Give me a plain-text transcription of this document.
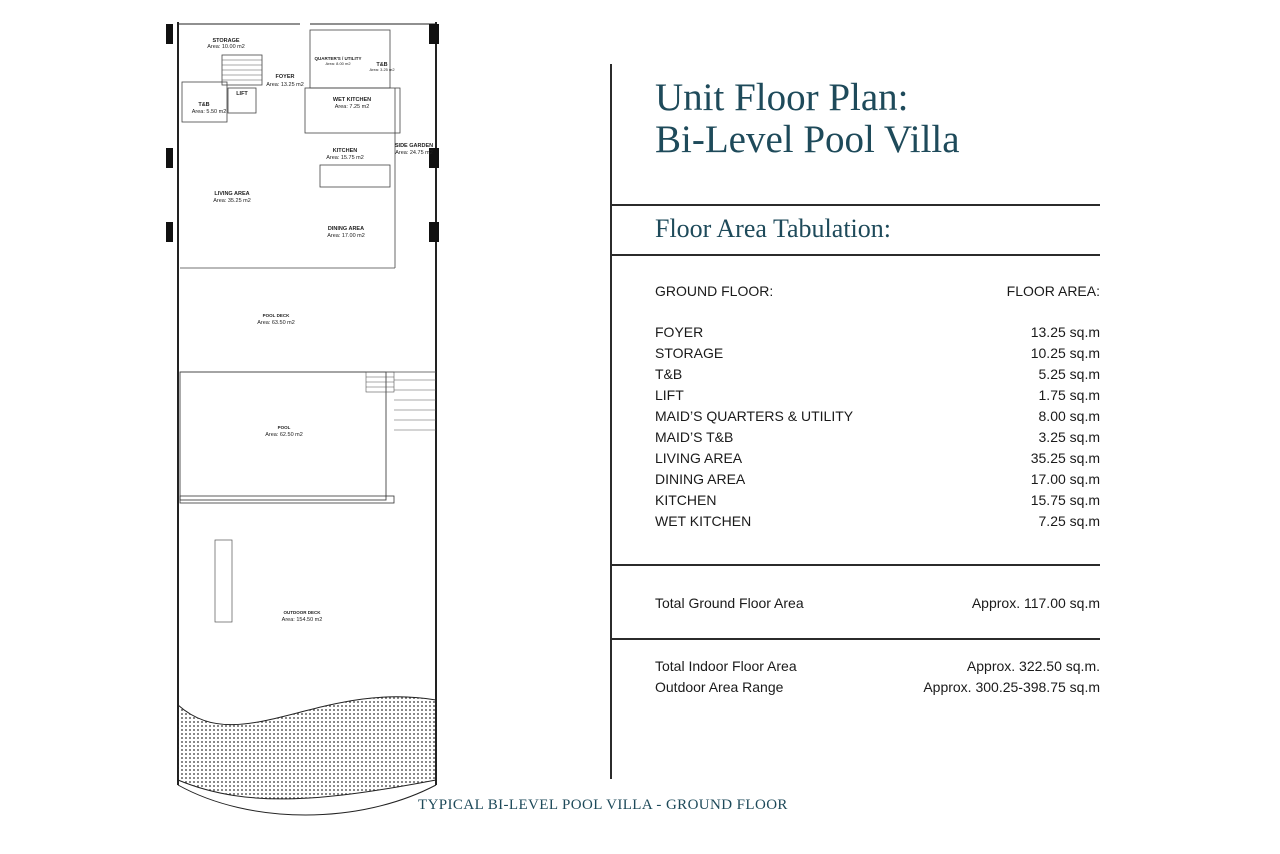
STORAGE
Area: 10.00 m2
FOYER
Area: 13.25 m2
QUARTER'S / UTILITY
Area: 8.00 m2	T&B
Area: 3.25 m2
LIFT
T&B
Area: 5.50 m2
WET KITCHEN
Area: 7.25 m2
KITCHEN
Area: 15.75 m2
SIDE GARDEN
Area: 24.75 m2
LIVING AREA
Area: 35.25 m2
DINING AREA
Area: 17.00 m2
POOL DECK
Area: 63.50 m2
POOL
Area: 62.50 m2
OUTDOOR DECK
Area: 154.50 m2
TYPICAL BI-LEVEL POOL VILLA - GROUND FLOOR
Unit Floor Plan:
Bi-Level Pool Villa
Floor Area Tabulation:
GROUND FLOOR:	FLOOR AREA:
FOYER	13.25 sq.m
STORAGE	10.25 sq.m
T&B	5.25 sq.m
LIFT	1.75 sq.m
MAID’S QUARTERS & UTILITY	8.00 sq.m
MAID’S T&B	3.25 sq.m
LIVING AREA	35.25 sq.m
DINING AREA	17.00 sq.m
KITCHEN	15.75 sq.m
WET KITCHEN	7.25 sq.m
Total Ground Floor Area	Approx. 117.00 sq.m
Total Indoor Floor Area	Approx. 322.50 sq.m.
Outdoor Area Range	Approx. 300.25-398.75 sq.m
